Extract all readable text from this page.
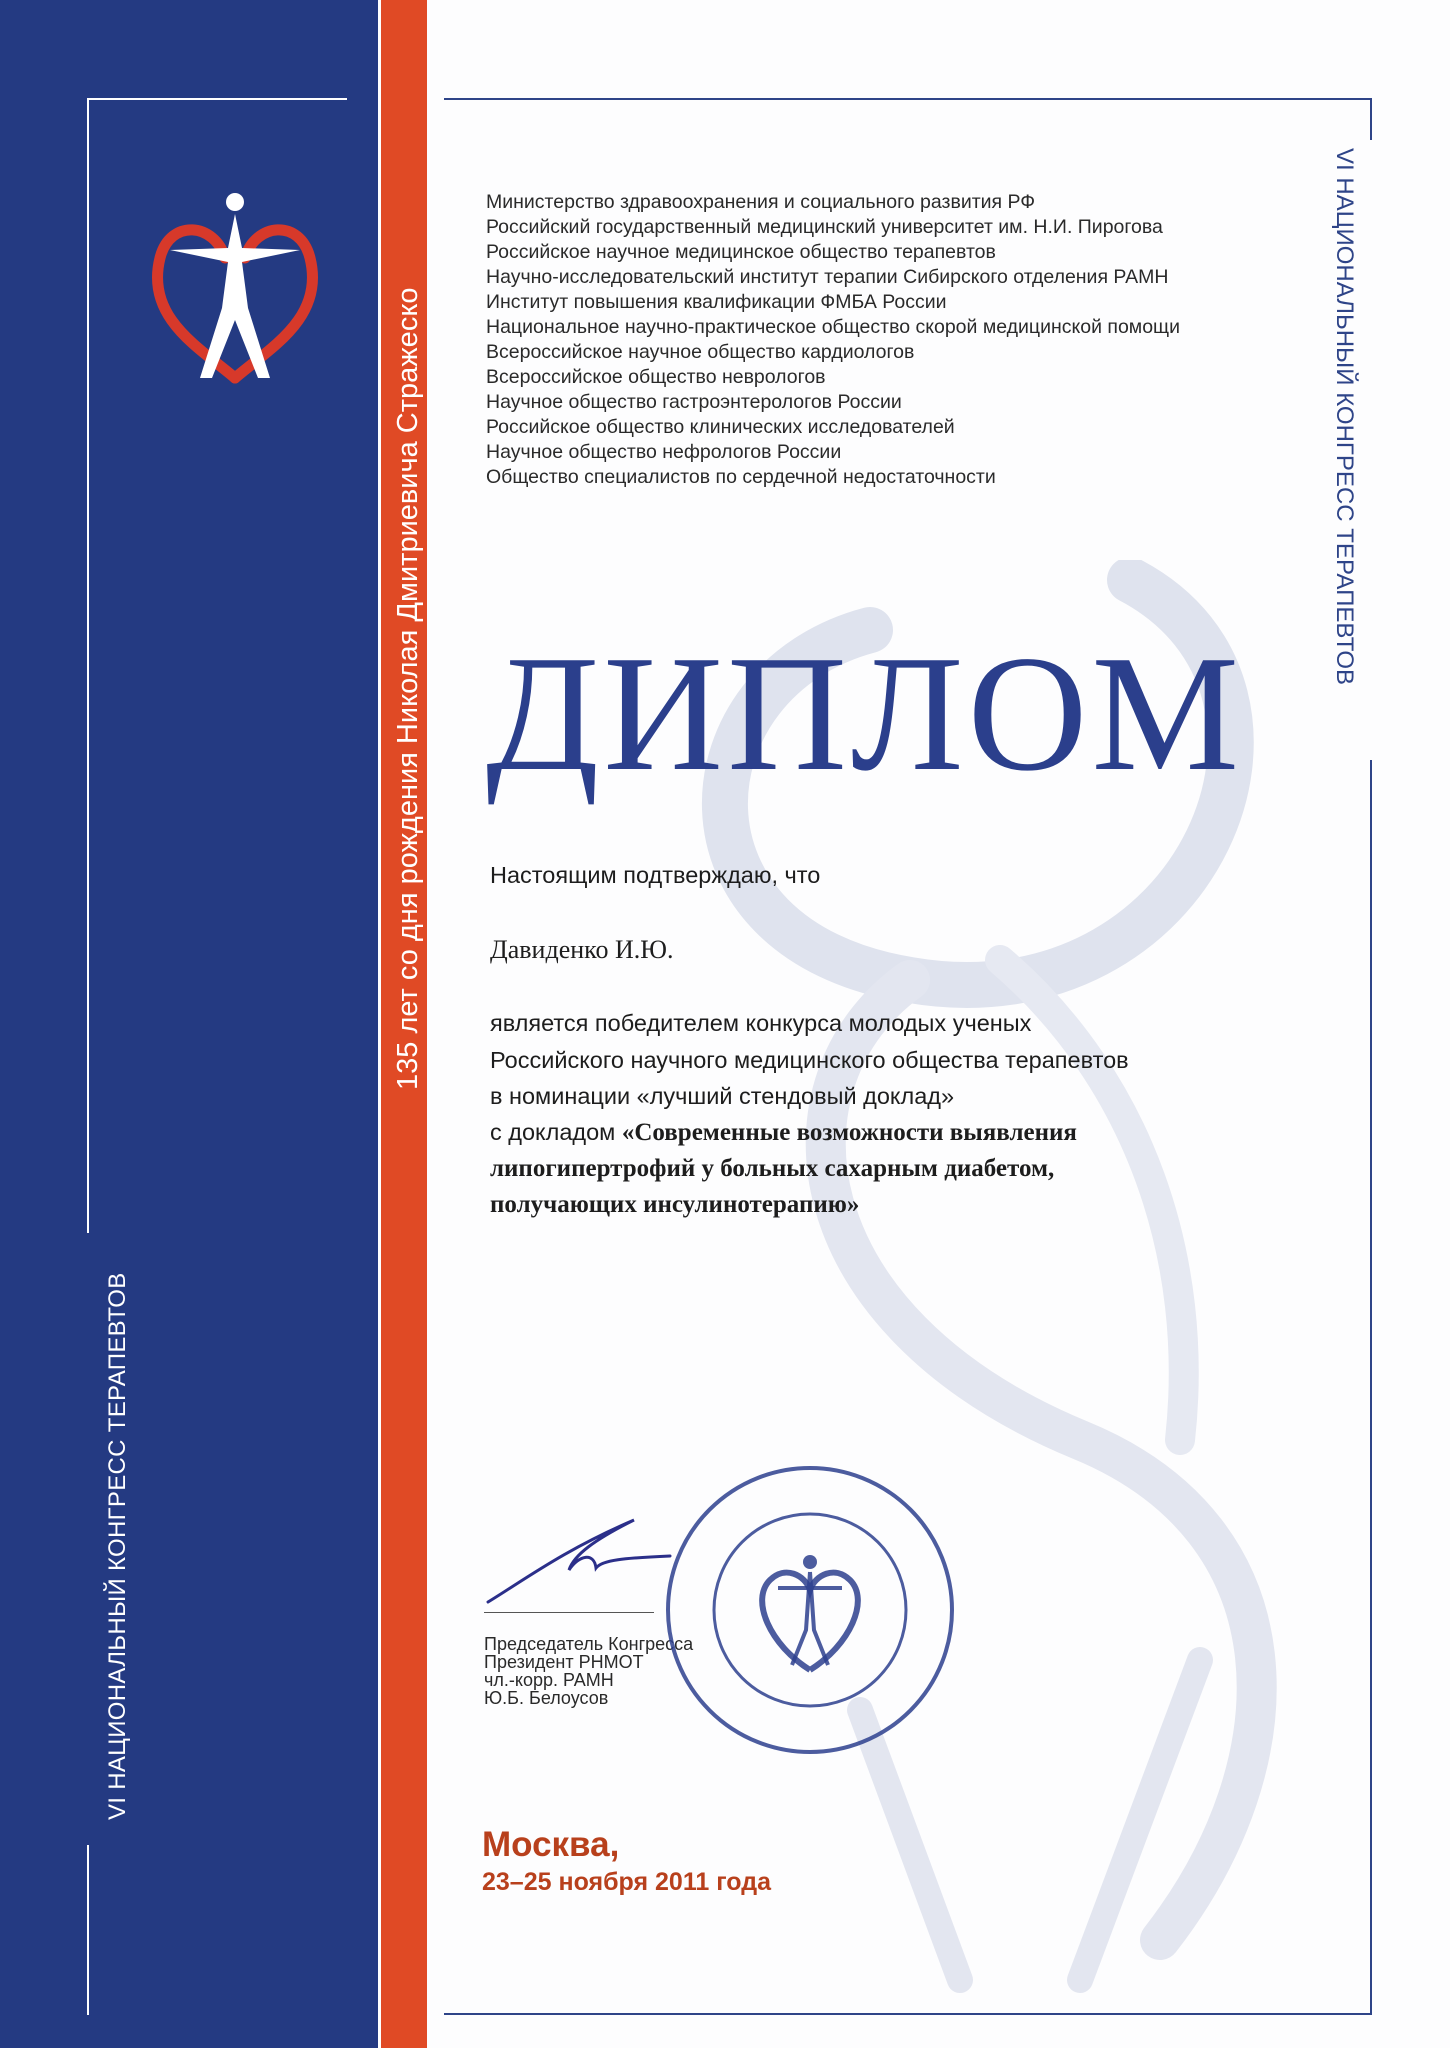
VI НАЦИОНАЛЬНЫЙ КОНГРЕСС ТЕРАПЕВТОВ
135 лет со дня рождения Николая Дмитриевича Стражеско	VI НАЦИОНАЛЬНЫЙ КОНГРЕСС ТЕРАПЕВТОВ
Министерство здравоохранения и социального развития РФ
Российский государственный медицинский университет им. Н.И. Пирогова
Российское научное медицинское общество терапевтов
Научно-исследовательский институт терапии Сибирского отделения РАМН
Институт повышения квалификации ФМБА России
Национальное научно-практическое общество скорой медицинской помощи
Всероссийское научное общество кардиологов
Всероссийское общество неврологов
Научное общество гастроэнтерологов России
Российское общество клинических исследователей
Научное общество нефрологов России
Общество специалистов по сердечной недостаточности
ДИПЛОМ
Настоящим подтверждаю, что
Давиденко И.Ю.
является победителем конкурса молодых ученых
Российского научного медицинского общества терапевтов
в номинации «лучший стендовый доклад»
с докладом «Современные возможности выявления
липогипертрофий у больных сахарным диабетом,
получающих инсулинотерапию»
Председатель Конгресса
Президент РНМОТ
чл.-корр. РАМН
Ю.Б. Белоусов
Москва,
23–25 ноября 2011 года
